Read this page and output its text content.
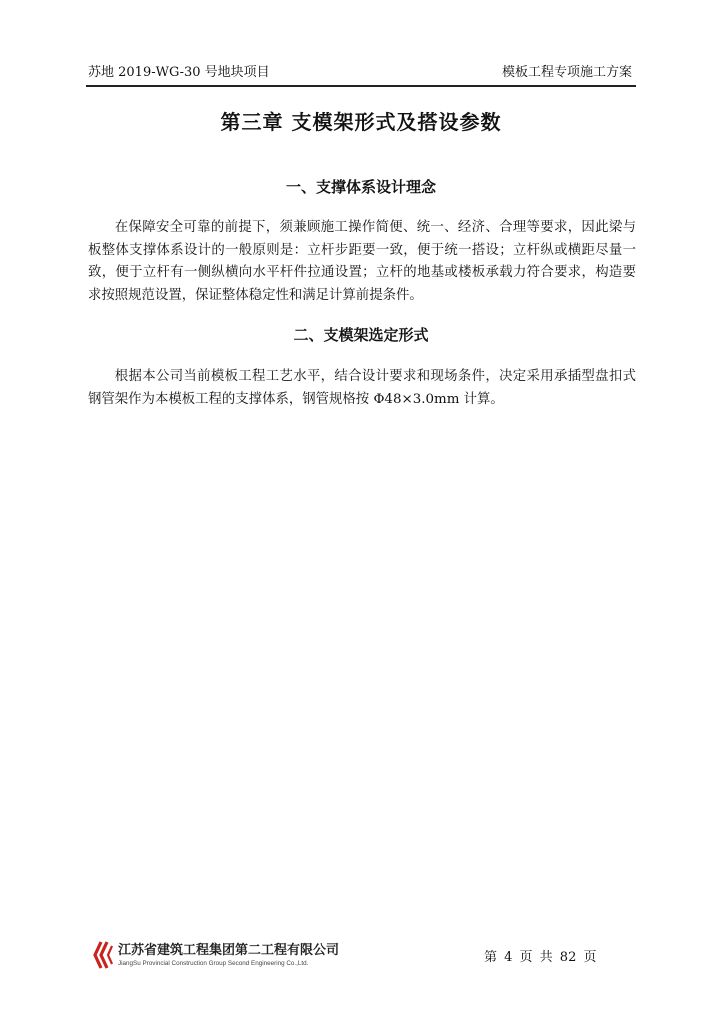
苏地 2019-WG-30 号地块项目	模板工程专项施工方案
第三章 支模架形式及搭设参数
一、支撑体系设计理念

在保障安全可靠的前提下，须兼顾施工操作简便、统一、经济、合理等要求，因此梁与板整体支撑体系设计的一般原则是：立杆步距要一致，便于统一搭设；立杆纵或横距尽量一致，便于立杆有一侧纵横向水平杆件拉通设置；立杆的地基或楼板承载力符合要求，构造要求按照规范设置，保证整体稳定性和满足计算前提条件。

二、支模架选定形式

根据本公司当前模板工程工艺水平，结合设计要求和现场条件，决定采用承插型盘扣式钢管架作为本模板工程的支撑体系，钢管规格按 Φ48×3.0mm 计算。

江苏省建筑工程集团第二工程有限公司
JiangSu Provincial Construction Group Second Engineering Co.,Ltd.	第 4 页 共 82 页
